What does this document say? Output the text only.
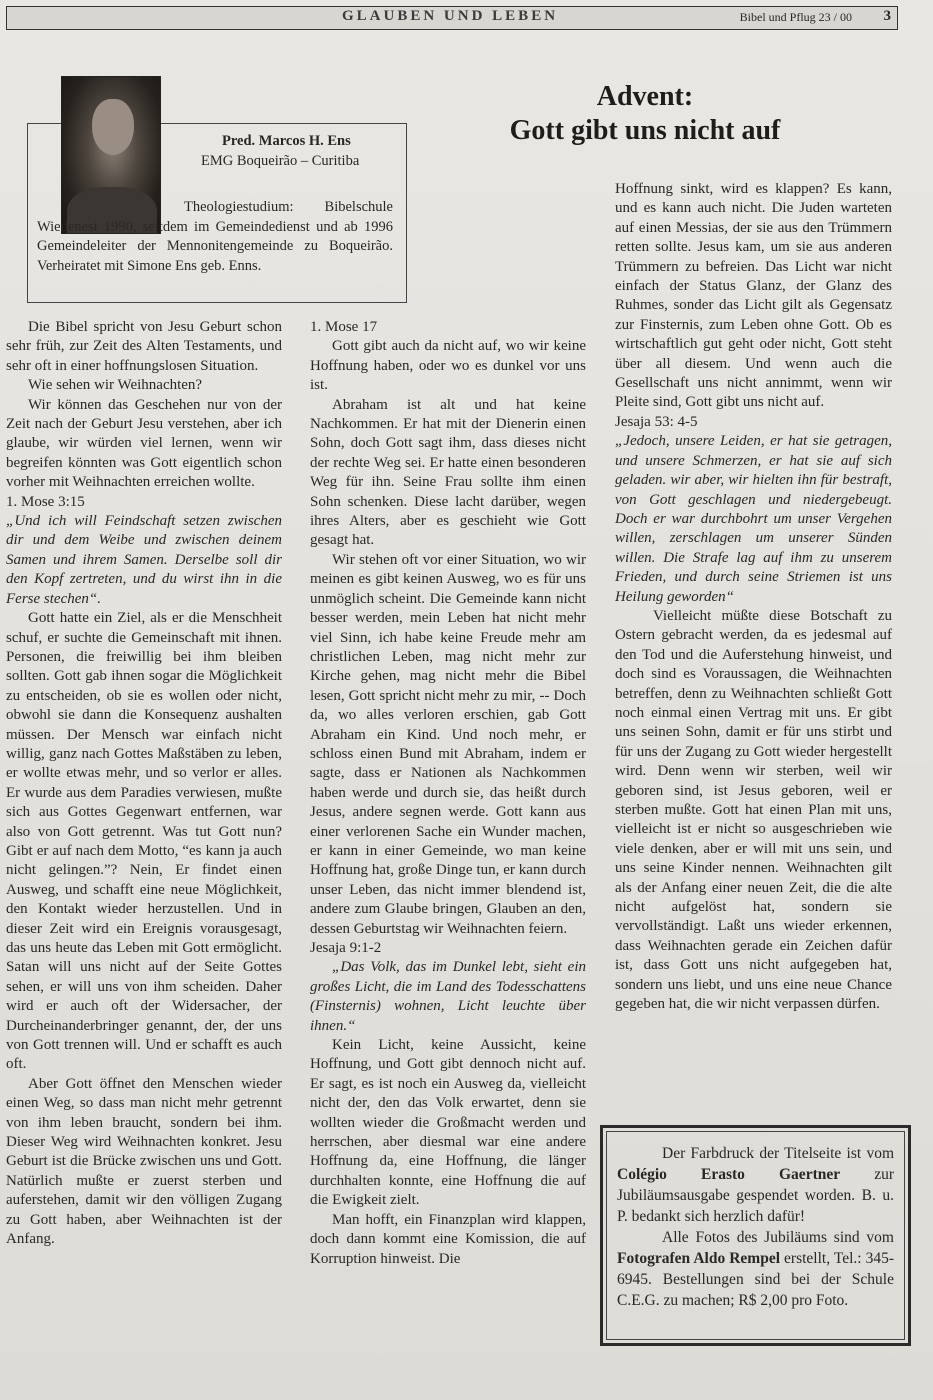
GLAUBEN UND LEBEN	Bibel und Pflug 23 / 00 3
Pred. Marcos H. Ens
EMG Boqueirão – Curitiba
Theologiestudium: Bibelschule Wiedenest 1990, seitdem im Gemeindedienst und ab 1996 Gemeindeleiter der Mennonitengemeinde zu Boqueirão. Verheiratet mit Simone Ens geb. Enns.
Advent:
Gott gibt uns nicht auf

Die Bibel spricht von Jesu Geburt schon sehr früh, zur Zeit des Alten Testaments, und sehr oft in einer hoffnungslosen Situation.

Wie sehen wir Weihnachten?

Wir können das Geschehen nur von der Zeit nach der Geburt Jesu verstehen, aber ich glaube, wir würden viel lernen, wenn wir begreifen könnten was Gott eigentlich schon vorher mit Weihnachten erreichen wollte.

1. Mose 3:15

„Und ich will Feindschaft setzen zwischen dir und dem Weibe und zwischen deinem Samen und ihrem Samen. Derselbe soll dir den Kopf zertreten, und du wirst ihn in die Ferse stechen“.

Gott hatte ein Ziel, als er die Menschheit schuf, er suchte die Gemeinschaft mit ihnen. Personen, die freiwillig bei ihm bleiben sollten. Gott gab ihnen sogar die Möglichkeit zu entscheiden, ob sie es wollen oder nicht, obwohl sie dann die Konsequenz aushalten müssen. Der Mensch war einfach nicht willig, ganz nach Gottes Maßstäben zu leben, er wollte etwas mehr, und so verlor er alles. Er wurde aus dem Paradies verwiesen, mußte sich aus Gottes Gegenwart entfernen, war also von Gott getrennt. Was tut Gott nun? Gibt er auf nach dem Motto, “es kann ja auch nicht gelingen.”? Nein, Er findet einen Ausweg, und schafft eine neue Möglichkeit, den Kontakt wieder herzustellen. Und in dieser Zeit wird ein Ereignis vorausgesagt, das uns heute das Leben mit Gott ermöglicht. Satan will uns nicht auf der Seite Gottes sehen, er will uns von ihm scheiden. Daher wird er auch oft der Widersacher, der Durcheinanderbringer genannt, der, der uns von Gott trennen will. Und er schafft es auch oft.

Aber Gott öffnet den Menschen wieder einen Weg, so dass man nicht mehr getrennt von ihm leben braucht, sondern bei ihm. Dieser Weg wird Weihnachten konkret. Jesu Geburt ist die Brücke zwischen uns und Gott. Natürlich mußte er zuerst sterben und auferstehen, damit wir den völligen Zugang zu Gott haben, aber Weihnachten ist der Anfang.

1. Mose 17

Gott gibt auch da nicht auf, wo wir keine Hoffnung haben, oder wo es dunkel vor uns ist.

Abraham ist alt und hat keine Nachkommen. Er hat mit der Dienerin einen Sohn, doch Gott sagt ihm, dass dieses nicht der rechte Weg sei. Er hatte einen besonderen Weg für ihn. Seine Frau sollte ihm einen Sohn schenken. Diese lacht darüber, wegen ihres Alters, aber es geschieht wie Gott gesagt hat.

Wir stehen oft vor einer Situation, wo wir meinen es gibt keinen Ausweg, wo es für uns unmöglich scheint. Die Gemeinde kann nicht besser werden, mein Leben hat nicht mehr viel Sinn, ich habe keine Freude mehr am christlichen Leben, mag nicht mehr zur Kirche gehen, mag nicht mehr die Bibel lesen, Gott spricht nicht mehr zu mir, -- Doch da, wo alles verloren erschien, gab Gott Abraham ein Kind. Und noch mehr, er schloss einen Bund mit Abraham, indem er sagte, dass er Nationen als Nachkommen haben werde und durch sie, das heißt durch Jesus, andere segnen werde. Gott kann aus einer verlorenen Sache ein Wunder machen, er kann in einer Gemeinde, wo man keine Hoffnung hat, große Dinge tun, er kann durch unser Leben, das nicht immer blendend ist, andere zum Glaube bringen, Glauben an den, dessen Geburtstag wir Weihnachten feiern.

Jesaja 9:1-2

„Das Volk, das im Dunkel lebt, sieht ein großes Licht, die im Land des Todesschattens (Finsternis) wohnen, Licht leuchte über ihnen.“

Kein Licht, keine Aussicht, keine Hoffnung, und Gott gibt dennoch nicht auf. Er sagt, es ist noch ein Ausweg da, vielleicht nicht der, den das Volk erwartet, denn sie wollten wieder die Großmacht werden und herrschen, aber diesmal war eine andere Hoffnung da, eine Hoffnung, die länger durchhalten konnte, eine Hoffnung die auf die Ewigkeit zielt.

Man hofft, ein Finanzplan wird klappen, doch dann kommt eine Komission, die auf Korruption hinweist. Die

Hoffnung sinkt, wird es klappen? Es kann, und es kann auch nicht. Die Juden warteten auf einen Messias, der sie aus den Trümmern retten sollte. Jesus kam, um sie aus anderen Trümmern zu befreien. Das Licht war nicht einfach der Status Glanz, der Glanz des Ruhmes, sonder das Licht gilt als Gegensatz zur Finsternis, zum Leben ohne Gott. Ob es wirtschaftlich gut geht oder nicht, Gott steht über all diesem. Und wenn auch die Gesellschaft uns nicht annimmt, wenn wir Pleite sind, Gott gibt uns nicht auf.

Jesaja 53: 4-5

„Jedoch, unsere Leiden, er hat sie getragen, und unsere Schmerzen, er hat sie auf sich geladen. wir aber, wir hielten ihn für bestraft, von Gott geschlagen und niedergebeugt. Doch er war durchbohrt um unser Vergehen willen, zerschlagen um unserer Sünden willen. Die Strafe lag auf ihm zu unserem Frieden, und durch seine Striemen ist uns Heilung geworden“

Vielleicht müßte diese Botschaft zu Ostern gebracht werden, da es jedesmal auf den Tod und die Auferstehung hinweist, und doch sind es Voraussagen, die Weihnachten betreffen, denn zu Weihnachten schließt Gott noch einmal einen Vertrag mit uns. Er gibt uns seinen Sohn, damit er für uns stirbt und für uns der Zugang zu Gott wieder hergestellt wird. Denn wenn wir sterben, weil wir geboren sind, ist Jesus geboren, weil er sterben mußte. Gott hat einen Plan mit uns, vielleicht ist er nicht so ausgeschrieben wie viele denken, aber er will mit uns sein, und uns seine Kinder nennen. Weihnachten gilt als der Anfang einer neuen Zeit, die die alte nicht aufgelöst hat, sondern sie vervollständigt. Laßt uns wieder erkennen, dass Weihnachten gerade ein Zeichen dafür ist, dass Gott uns nicht aufgegeben hat, sondern uns liebt, und uns eine neue Chance gegeben hat, die wir nicht verpassen dürfen.

Der Farbdruck der Titelseite ist vom Colégio Erasto Gaertner zur Jubiläumsausgabe gespendet worden. B. u. P. bedankt sich herzlich dafür!

Alle Fotos des Jubiläums sind vom Fotografen Aldo Rempel erstellt, Tel.: 345-6945. Bestellungen sind bei der Schule C.E.G. zu machen; R$ 2,00 pro Foto.
